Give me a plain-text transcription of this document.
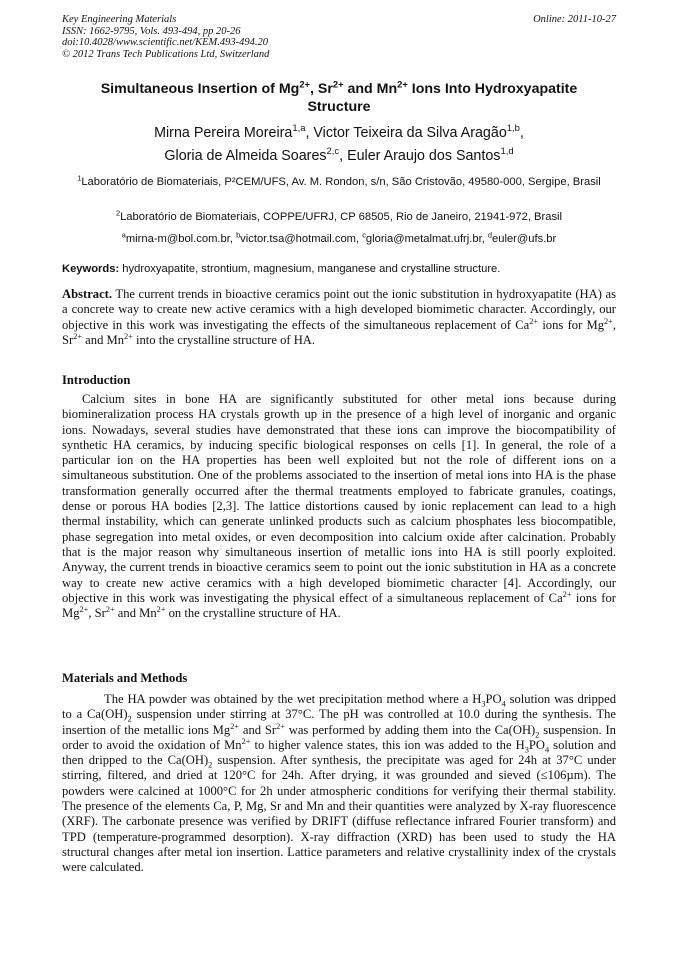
Key Engineering Materials
ISSN: 1662-9795, Vols. 493-494, pp 20-26
doi:10.4028/www.scientific.net/KEM.493-494.20
© 2012 Trans Tech Publications Ltd, Switzerland
Online: 2011-10-27
Simultaneous Insertion of $Mg^{2+}$, $Sr^{2+}$ and $Mn^{2+}$ Ions Into Hydroxyapatite
Structure
Mirna Pereira Moreira$^{1,a}$, Victor Teixeira da Silva Aragão$^{1,b}$,
Gloria de Almeida Soares$^{2,c}$, Euler Araujo dos Santos$^{1,d}$
$^1$Laboratório de Biomateriais, P²CEM/UFS, Av. M. Rondon, s/n, São Cristovão, 49580-000, Sergipe, Brasil
$^2$Laboratório de Biomateriais, COPPE/UFRJ, CP 68505, Rio de Janeiro, 21941-972, Brasil
$^a$mirna-m@bol.com.br, $^b$victor.tsa@hotmail.com, $^c$gloria@metalmat.ufrj.br, $^d$euler@ufs.br
Keywords: hydroxyapatite, strontium, magnesium, manganese and crystalline structure.
Abstract. The current trends in bioactive ceramics point out the ionic substitution in hydroxyapatite (HA) as a concrete way to create new active ceramics with a high developed biomimetic character. Accordingly, our objective in this work was investigating the effects of the simultaneous replacement of $Ca^{2+}$ ions for $Mg^{2+}$, $Sr^{2+}$ and $Mn^{2+}$ into the crystalline structure of HA.
Introduction
Calcium sites in bone HA are significantly substituted for other metal ions because during biomineralization process HA crystals growth up in the presence of a high level of inorganic and organic ions. Nowadays, several studies have demonstrated that these ions can improve the biocompatibility of synthetic HA ceramics, by inducing specific biological responses on cells [1]. In general, the role of a particular ion on the HA properties has been well exploited but not the role of different ions on a simultaneous substitution. One of the problems associated to the insertion of metal ions into HA is the phase transformation generally occurred after the thermal treatments employed to fabricate granules, coatings, dense or porous HA bodies [2,3]. The lattice distortions caused by ionic replacement can lead to a high thermal instability, which can generate unlinked products such as calcium phosphates less biocompatible, phase segregation into metal oxides, or even decomposition into calcium oxide after calcination. Probably that is the major reason why simultaneous insertion of metallic ions into HA is still poorly exploited. Anyway, the current trends in bioactive ceramics seem to point out the ionic substitution in HA as a concrete way to create new active ceramics with a high developed biomimetic character [4]. Accordingly, our objective in this work was investigating the physical effect of a simultaneous replacement of $Ca^{2+}$ ions for $Mg^{2+}$, $Sr^{2+}$ and $Mn^{2+}$ on the crystalline structure of HA.
Materials and Methods
The HA powder was obtained by the wet precipitation method where a $H_3PO_4$ solution was dripped to a $Ca(OH)_2$ suspension under stirring at 37°C. The pH was controlled at 10.0 during the synthesis. The insertion of the metallic ions $Mg^{2+}$ and $Sr^{2+}$ was performed by adding them into the $Ca(OH)_2$ suspension. In order to avoid the oxidation of $Mn^{2+}$ to higher valence states, this ion was added to the $H_3PO_4$ solution and then dripped to the $Ca(OH)_2$ suspension. After synthesis, the precipitate was aged for 24h at 37°C under stirring, filtered, and dried at 120°C for 24h. After drying, it was grounded and sieved (≤106µm). The powders were calcined at 1000°C for 2h under atmospheric conditions for verifying their thermal stability. The presence of the elements Ca, P, Mg, Sr and Mn and their quantities were analyzed by X-ray fluorescence (XRF). The carbonate presence was verified by DRIFT (diffuse reflectance infrared Fourier transform) and TPD (temperature-programmed desorption). X-ray diffraction (XRD) has been used to study the HA structural changes after metal ion insertion. Lattice parameters and relative crystallinity index of the crystals were calculated.
